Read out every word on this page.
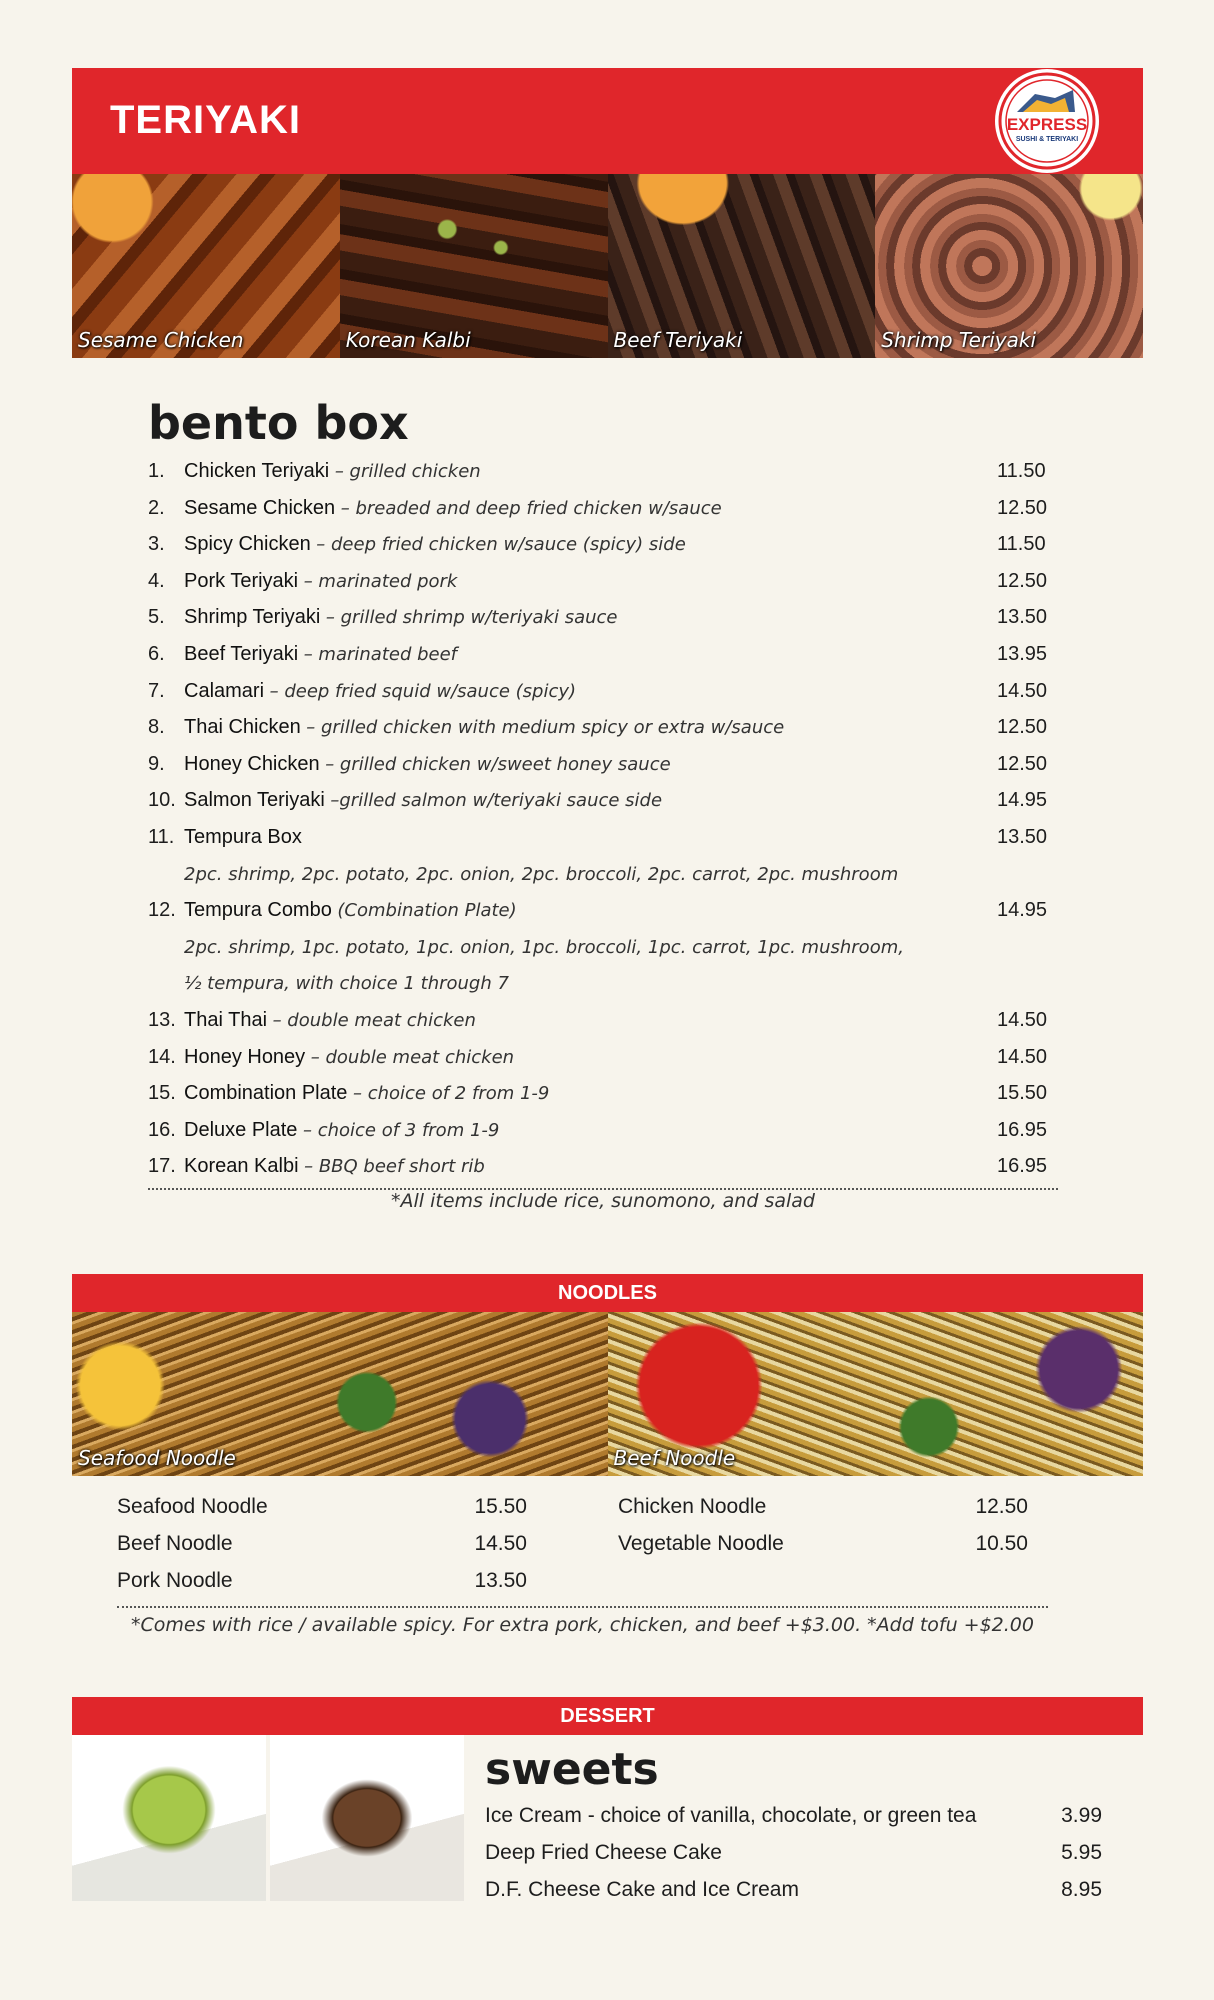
TERIYAKI	EXPRESS
SUSHI & TERIYAKI
Sesame Chicken	Korean Kalbi	Beef Teriyaki	Shrimp Teriyaki
bento box
1. Chicken Teriyaki – grilled chicken	11.50
2. Sesame Chicken – breaded and deep fried chicken w/sauce	12.50
3. Spicy Chicken – deep fried chicken w/sauce (spicy) side	11.50
4. Pork Teriyaki – marinated pork	12.50
5. Shrimp Teriyaki – grilled shrimp w/teriyaki sauce	13.50
6. Beef Teriyaki – marinated beef	13.95
7. Calamari – deep fried squid w/sauce (spicy)	14.50
8. Thai Chicken – grilled chicken with medium spicy or extra w/sauce	12.50
9. Honey Chicken – grilled chicken w/sweet honey sauce	12.50
10. Salmon Teriyaki –grilled salmon w/teriyaki sauce side	14.95
11. Tempura Box	13.50
2pc. shrimp, 2pc. potato, 2pc. onion, 2pc. broccoli, 2pc. carrot, 2pc. mushroom
12. Tempura Combo (Combination Plate)	14.95
2pc. shrimp, 1pc. potato, 1pc. onion, 1pc. broccoli, 1pc. carrot, 1pc. mushroom,
½ tempura, with choice 1 through 7
13. Thai Thai – double meat chicken	14.50
14. Honey Honey – double meat chicken	14.50
15. Combination Plate – choice of 2 from 1-9	15.50
16. Deluxe Plate – choice of 3 from 1-9	16.95
17. Korean Kalbi – BBQ beef short rib	16.95
*All items include rice, sunomono, and salad
NOODLES
Seafood Noodle	Beef Noodle
Seafood Noodle	15.50
Beef Noodle	14.50
Pork Noodle	13.50
Chicken Noodle	12.50
Vegetable Noodle	10.50
*Comes with rice / available spicy. For extra pork, chicken, and beef +$3.00. *Add tofu +$2.00
DESSERT
sweets
Ice Cream - choice of vanilla, chocolate, or green tea	3.99
Deep Fried Cheese Cake	5.95
D.F. Cheese Cake and Ice Cream	8.95
